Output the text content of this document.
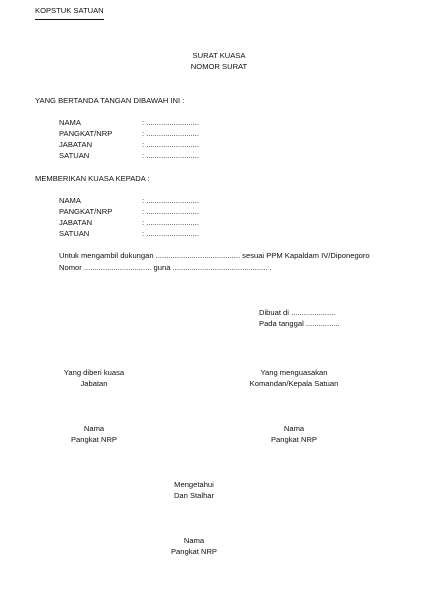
KOPSTUK SATUAN
SURAT KUASA
NOMOR SURAT
YANG BERTANDA TANGAN DIBAWAH INI :
NAMA	: .........................
PANGKAT/NRP	: .........................
JABATAN	: .........................
SATUAN	: .........................
MEMBERIKAN KUASA KEPADA :
NAMA	: .........................
PANGKAT/NRP	: .........................
JABATAN	: .........................
SATUAN	: .........................
Untuk mengambil dukungan ........................................ sesuai PPM Kapaldam IV/Diponegoro
Nomor ................................ guna ............................................. .
Dibuat di .....................
Pada tanggal ................
Yang diberi kuasa
Jabatan
Yang menguasakan
Komandan/Kepala Satuan
Nama
Pangkat NRP
Nama
Pangkat NRP
Mengetahui
Dan Stalhar
Nama
Pangkat NRP
